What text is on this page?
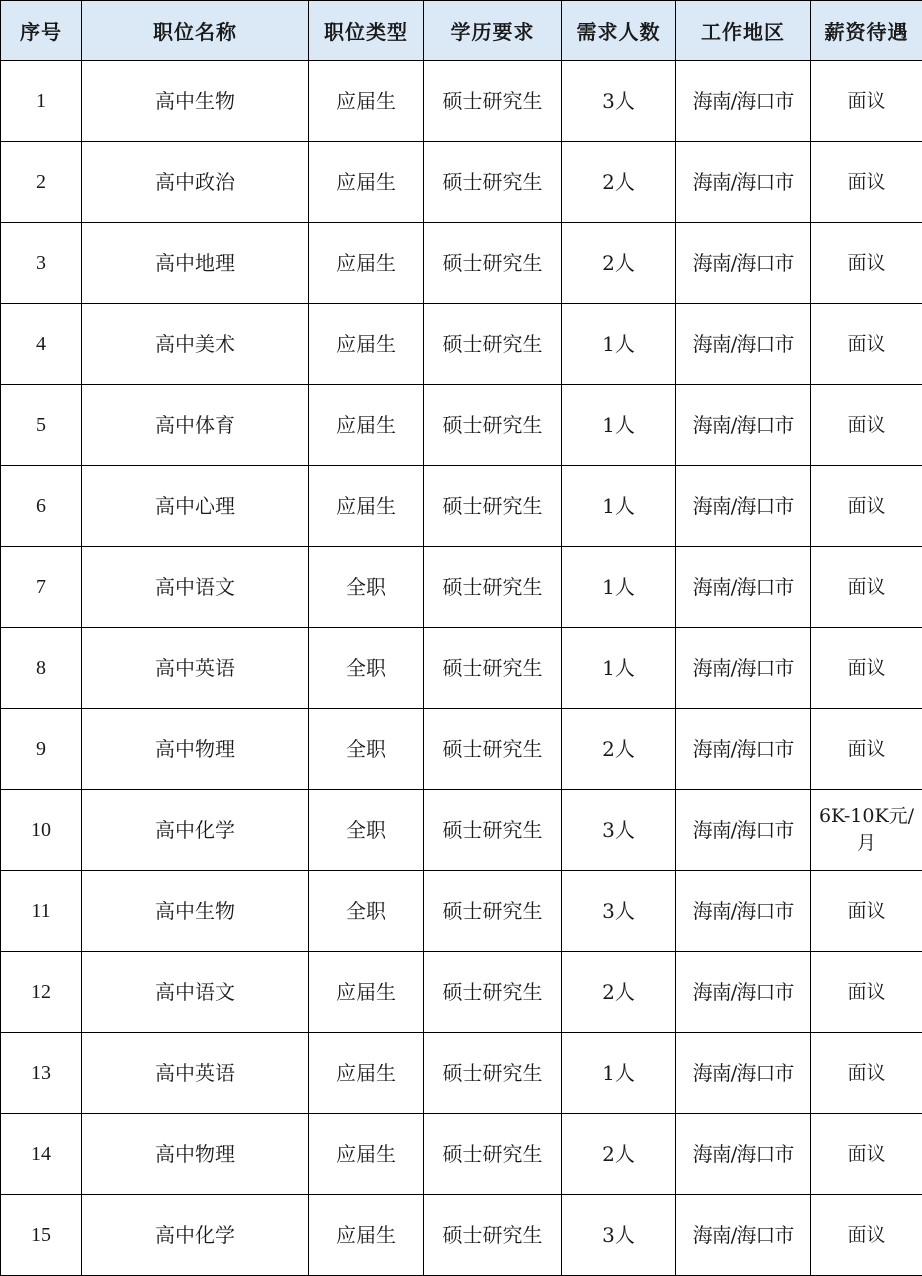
序号	职位名称	职位类型	学历要求	需求人数	工作地区	薪资待遇
1	高中生物	应届生	硕士研究生	3人	海南/海口市	面议
2	高中政治	应届生	硕士研究生	2人	海南/海口市	面议
3	高中地理	应届生	硕士研究生	2人	海南/海口市	面议
4	高中美术	应届生	硕士研究生	1人	海南/海口市	面议
5	高中体育	应届生	硕士研究生	1人	海南/海口市	面议
6	高中心理	应届生	硕士研究生	1人	海南/海口市	面议
7	高中语文	全职	硕士研究生	1人	海南/海口市	面议
8	高中英语	全职	硕士研究生	1人	海南/海口市	面议
9	高中物理	全职	硕士研究生	2人	海南/海口市	面议
10	高中化学	全职	硕士研究生	3人	海南/海口市	6K-10K元/月
11	高中生物	全职	硕士研究生	3人	海南/海口市	面议
12	高中语文	应届生	硕士研究生	2人	海南/海口市	面议
13	高中英语	应届生	硕士研究生	1人	海南/海口市	面议
14	高中物理	应届生	硕士研究生	2人	海南/海口市	面议
15	高中化学	应届生	硕士研究生	3人	海南/海口市	面议
